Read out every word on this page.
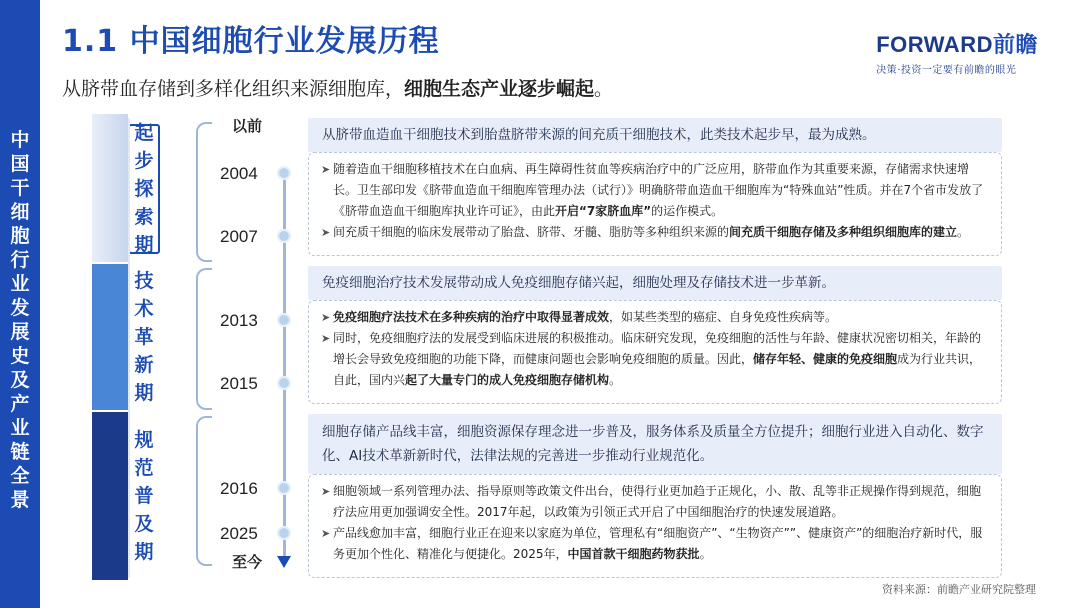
中国干细胞行业发展史及产业链全景
1.1 中国细胞行业发展历程	FORWARD前瞻
决策·投资一定要有前瞻的眼光
从脐带血存储到多样化组织来源细胞库，细胞生态产业逐步崛起。
起步探索期
技术革新期
规范普及期
以前
2004
2007
2013
2015
2016
2025
至今
从脐带血造血干细胞技术到胎盘脐带来源的间充质干细胞技术，此类技术起步早，最为成熟。
➤ 随着造血干细胞移植技术在白血病、再生障碍性贫血等疾病治疗中的广泛应用，脐带血作为其重要来源，存储需求快速增长。卫生部印发《脐带血造血干细胞库管理办法（试行）》明确脐带血造血干细胞库为“特殊血站”性质。并在7个省市发放了《脐带血造血干细胞库执业许可证》，由此开启“7家脐血库”的运作模式。
➤ 间充质干细胞的临床发展带动了胎盘、脐带、牙髓、脂肪等多种组织来源的间充质干细胞存储及多种组织细胞库的建立。
免疫细胞治疗技术发展带动成人免疫细胞存储兴起，细胞处理及存储技术进一步革新。
➤ 免疫细胞疗法技术在多种疾病的治疗中取得显著成效，如某些类型的癌症、自身免疫性疾病等。
➤ 同时，免疫细胞疗法的发展受到临床进展的积极推动。临床研究发现，免疫细胞的活性与年龄、健康状况密切相关，年龄的增长会导致免疫细胞的功能下降，而健康问题也会影响免疫细胞的质量。因此，储存年轻、健康的免疫细胞成为行业共识，自此，国内兴起了大量专门的成人免疫细胞存储机构。
细胞存储产品线丰富，细胞资源保存理念进一步普及，服务体系及质量全方位提升；细胞行业进入自动化、数字化、AI技术革新新时代，法律法规的完善进一步推动行业规范化。
➤ 细胞领域一系列管理办法、指导原则等政策文件出台，使得行业更加趋于正规化，小、散、乱等非正规操作得到规范，细胞疗法应用更加强调安全性。2017年起，以政策为引领正式开启了中国细胞治疗的快速发展道路。
➤ 产品线愈加丰富，细胞行业正在迎来以家庭为单位，管理私有“细胞资产”、“生物资产””、健康资产”的细胞治疗新时代，服务更加个性化、精准化与便捷化。2025年，中国首款干细胞药物获批。
资料来源：前瞻产业研究院整理
